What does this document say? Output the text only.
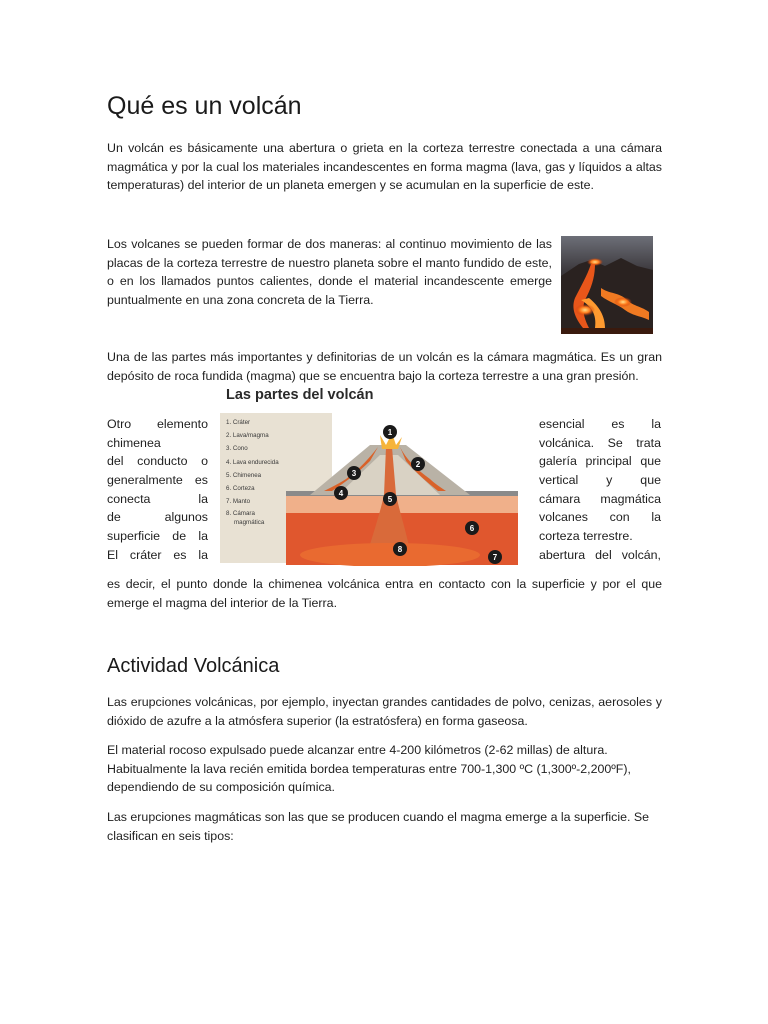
Qué es un volcán

Un volcán es básicamente una abertura o grieta en la corteza terrestre conectada a una cámara magmática y por la cual los materiales incandescentes en forma magma (lava, gas y líquidos a altas temperaturas) del interior de un planeta emergen y se acumulan en la superficie de este.

Los volcanes se pueden formar de dos maneras: al continuo movimiento de las placas de la corteza terrestre de nuestro planeta sobre el manto fundido de este, o en los llamados puntos calientes, donde el material incandescente emerge puntualmente en una zona concreta de la Tierra.

Una de las partes más importantes y definitorias de un volcán es la cámara magmática. Es un gran depósito de roca fundida (magma) que se encuentra bajo la corteza terrestre a una gran presión.

Otro elemento
chimenea
del conducto o
generalmente es
conecta la
de algunos
superficie de la
El cráter es la
esencial es la
volcánica. Se trata
galería principal que
vertical y que
cámara magmática
volcanes con la
corteza terrestre.
abertura del volcán,
Las partes del volcán
1. Cráter
2. Lava/magma
3. Cono
4. Lava endurecida
5. Chimenea
6. Corteza
7. Manto
8. Cámara
magmática
1
2
3
4
5
6
7
8

es decir, el punto donde la chimenea volcánica entra en contacto con la superficie y por el que emerge el magma del interior de la Tierra.

Actividad Volcánica

Las erupciones volcánicas, por ejemplo, inyectan grandes cantidades de polvo, cenizas, aerosoles y dióxido de azufre a la atmósfera superior (la estratósfera) en forma gaseosa.

El material rocoso expulsado puede alcanzar entre 4-200 kilómetros (2-62 millas) de altura. Habitualmente la lava recién emitida bordea temperaturas entre 700-1,300 ºC (1,300º-2,200ºF), dependiendo de su composición química.

Las erupciones magmáticas son las que se producen cuando el magma emerge a la superficie. Se clasifican en seis tipos:
